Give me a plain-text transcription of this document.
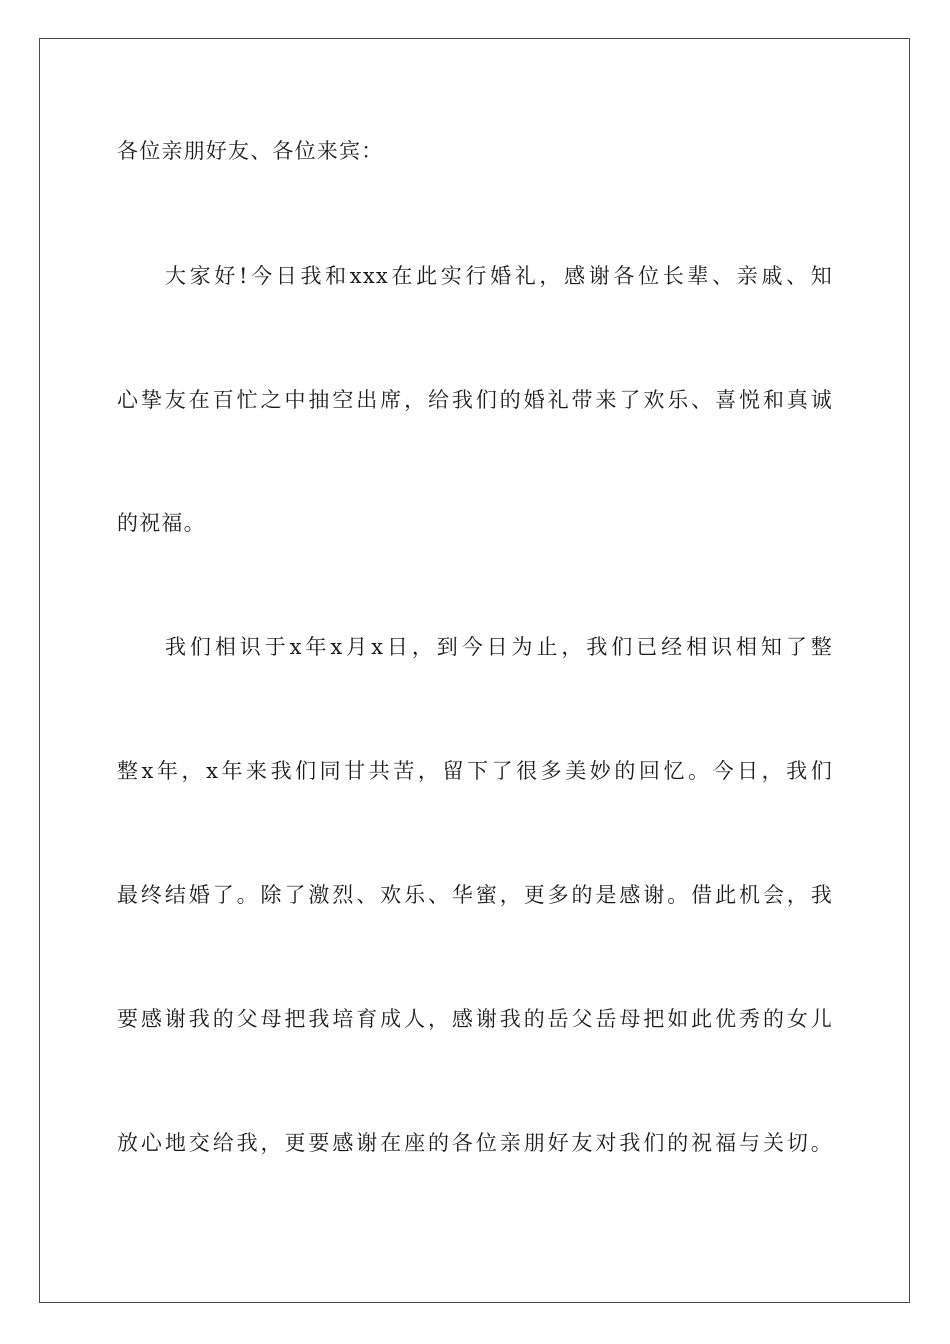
各位亲朋好友、各位来宾：
大家好!今日我和xxx在此实行婚礼，感谢各位长辈、亲戚、知
心挚友在百忙之中抽空出席，给我们的婚礼带来了欢乐、喜悦和真诚
的祝福。
我们相识于x年x月x日，到今日为止，我们已经相识相知了整
整x年，x年来我们同甘共苦，留下了很多美妙的回忆。今日，我们
最终结婚了。除了激烈、欢乐、华蜜，更多的是感谢。借此机会，我
要感谢我的父母把我培育成人，感谢我的岳父岳母把如此优秀的女儿
放心地交给我，更要感谢在座的各位亲朋好友对我们的祝福与关切。
